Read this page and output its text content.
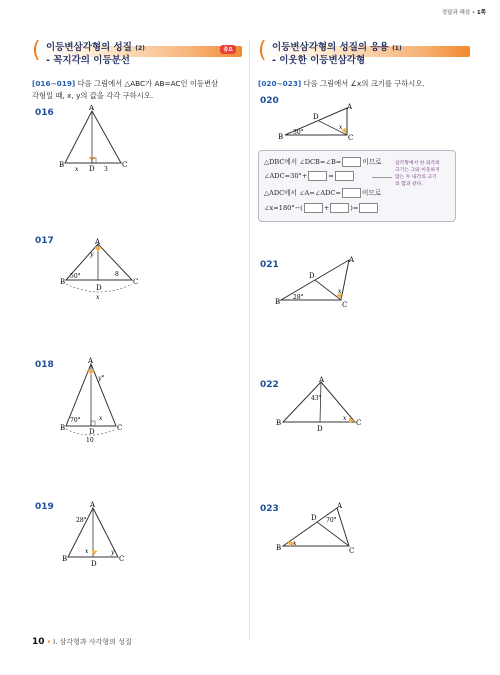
정답과 해설 • 1쪽
( 이등변삼각형의 성질 (2)
- 꼭지각의 이등분선
중요
[016~019] 다음 그림에서 △ABC가 AB=AC인 이등변삼
각형일 때, x, y의 값을 각각 구하시오.
016	A
B	C
D
x	3
017	A
B	C
D
y
50°	8
x
018	A
B	C
D
y°
70°	x
10
019	A
B	C
D
28°
x	y
( 이등변삼각형의 성질의 응용 (1)
- 이웃한 이등변삼각형
[020~023] 다음 그림에서 ∠x의 크기를 구하시오.
020
A
B	C
D
x
30°
△DBC에서 ∠DCB=∠B=	이므로
∠ADC=30°+	=
△ADC에서 ∠A=∠ADC=	이므로
∠x=180°−(	+	)=
삼각형에서 한 외각의
크기는 그와 이웃하지
않는 두 내각의 크기
의 합과 같다.
021	A
B	C
D
x
28°
022	A
B	C
D
43°
x
023	A
B	C
D 70°
x
10 • I. 삼각형과 사각형의 성질
